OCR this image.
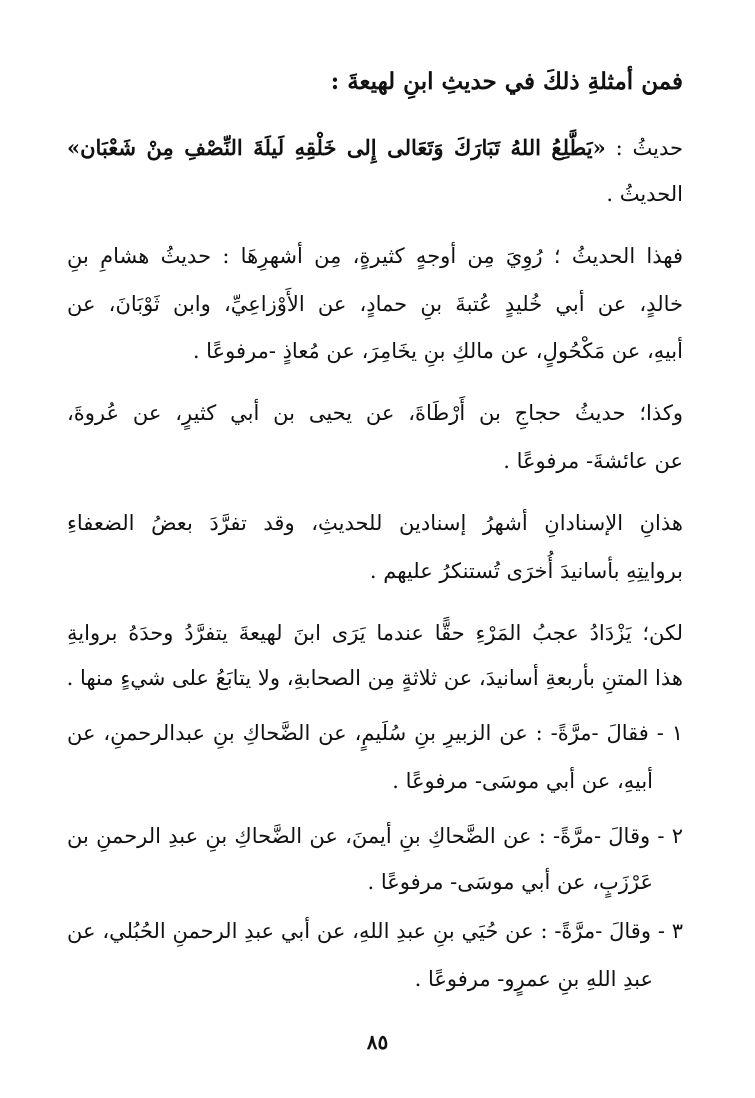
فمن أمثلةِ ذلكَ في حديثِ ابنِ لهيعةَ :
حديثُ : «يَطَّلِعُ اللهُ تَبَارَكَ وَتَعَالى إِلى خَلْقِهِ لَيلَةَ النِّصْفِ مِنْ شَعْبَان»
الحديثُ .
فهذا الحديثُ ؛ رُوِيَ مِن أوجهٍ كثيرةٍ، مِن أشهرِهَا : حديثُ هشامِ بنِ
خالدٍ، عن أبي خُليدٍ عُتبةَ بنِ حمادٍ، عن الأَوْزاعِيِّ، وابن ثَوْبَانَ، عن
أبيهِ، عن مَكْحُولٍ، عن مالكِ بنِ يخَامِرَ، عن مُعاذٍ -مرفوعًا .
وكذا؛ حديثُ حجاجِ بن أَرْطَاةَ، عن يحيى بن أبي كثيرٍ، عن عُروةَ،
عن عائشةَ- مرفوعًا .
هذانِ الإسنادانِ أشهرُ إسنادين للحديثِ، وقد تفرَّدَ بعضُ الضعفاءِ
بروايتِهِ بأسانيدَ أُخرَى تُستنكرُ عليهم .
لكن؛ يَزْدَادُ عجبُ المَرْءِ حقًّا عندما يَرَى ابنَ لهيعةَ يتفرَّدُ وحدَهُ بروايةِ
هذا المتنِ بأربعةِ أسانيدَ، عن ثلاثةٍ مِن الصحابةِ، ولا يتابَعُ على شيءٍ منها .
١ - فقالَ -مرَّةً- : عن الزبيرِ بنِ سُلَيمٍ، عن الضَّحاكِ بنِ عبدالرحمنِ، عن
أبيهِ، عن أبي موسَى- مرفوعًا .
٢ - وقالَ -مرَّةً- : عن الضَّحاكِ بنِ أيمنَ، عن الضَّحاكِ بنِ عبدِ الرحمنِ بن
عَرْزَبٍ، عن أبي موسَى- مرفوعًا .
٣ - وقالَ -مرَّةً- : عن حُيَي بنِ عبدِ اللهِ، عن أبي عبدِ الرحمنِ الحُبُلي، عن
عبدِ اللهِ بنِ عمرٍو- مرفوعًا .
٨٥
